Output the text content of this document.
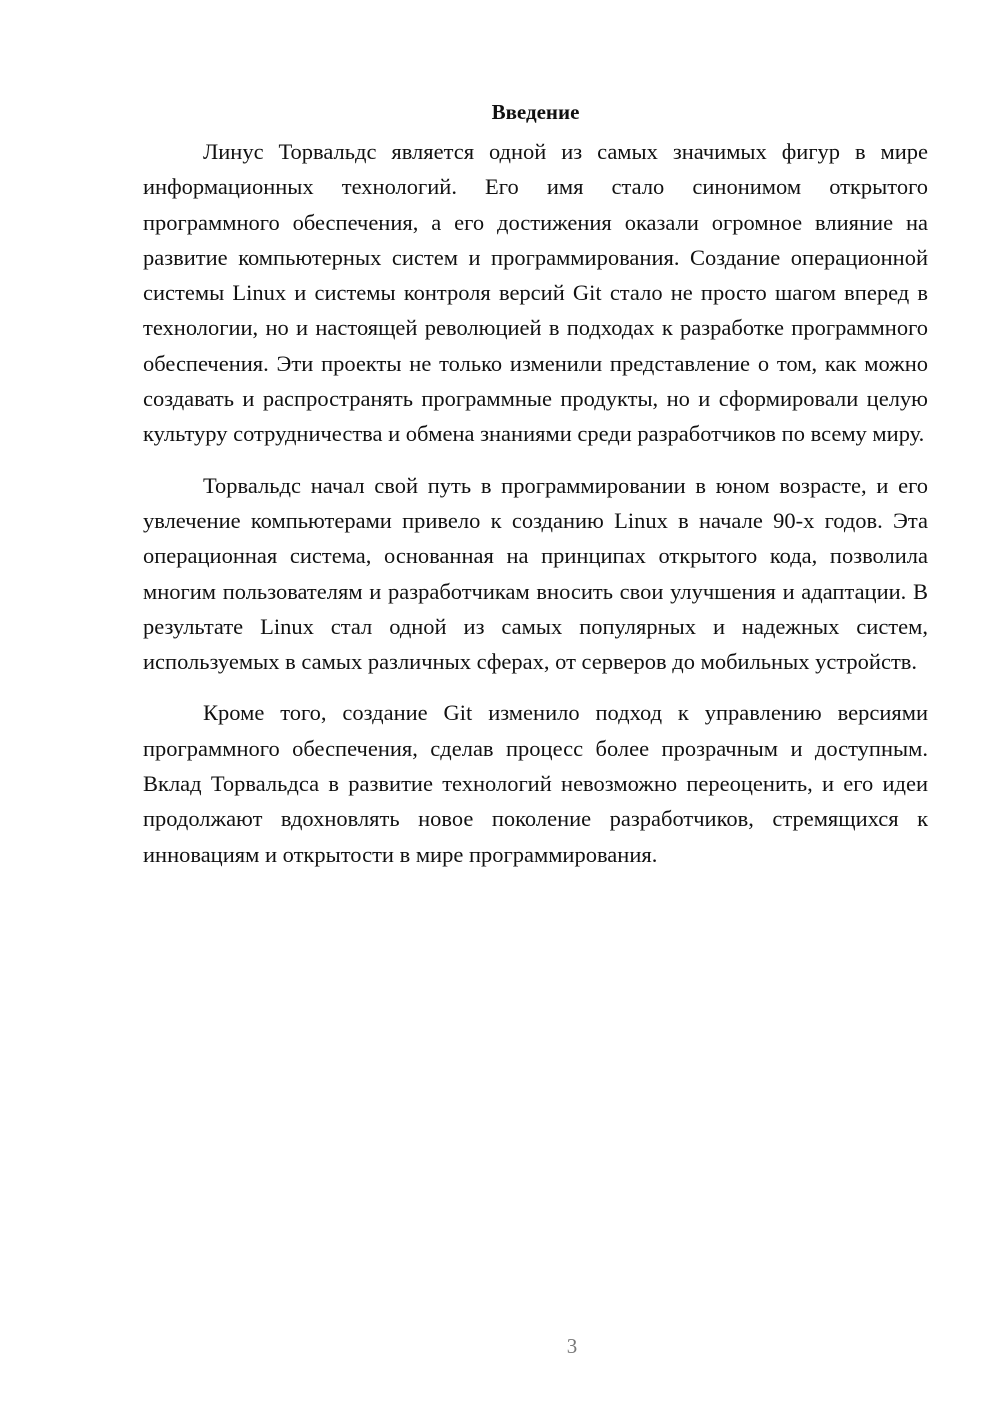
Введение

Линус Торвальдс является одной из самых значимых фигур в мире информационных технологий. Его имя стало синонимом открытого программного обеспечения, а его достижения оказали огромное влияние на развитие компьютерных систем и программирования. Создание операционной системы Linux и системы контроля версий Git стало не просто шагом вперед в технологии, но и настоящей революцией в подходах к разработке программного обеспечения. Эти проекты не только изменили представление о том, как можно создавать и распространять программные продукты, но и сформировали целую культуру сотрудничества и обмена знаниями среди разработчиков по всему миру.

Торвальдс начал свой путь в программировании в юном возрасте, и его увлечение компьютерами привело к созданию Linux в начале 90-х годов. Эта операционная система, основанная на принципах открытого кода, позволила многим пользователям и разработчикам вносить свои улучшения и адаптации. В результате Linux стал одной из самых популярных и надежных систем, используемых в самых различных сферах, от серверов до мобильных устройств.

Кроме того, создание Git изменило подход к управлению версиями программного обеспечения, сделав процесс более прозрачным и доступным. Вклад Торвальдса в развитие технологий невозможно переоценить, и его идеи продолжают вдохновлять новое поколение разработчиков, стремящихся к инновациям и открытости в мире программирования.

3
